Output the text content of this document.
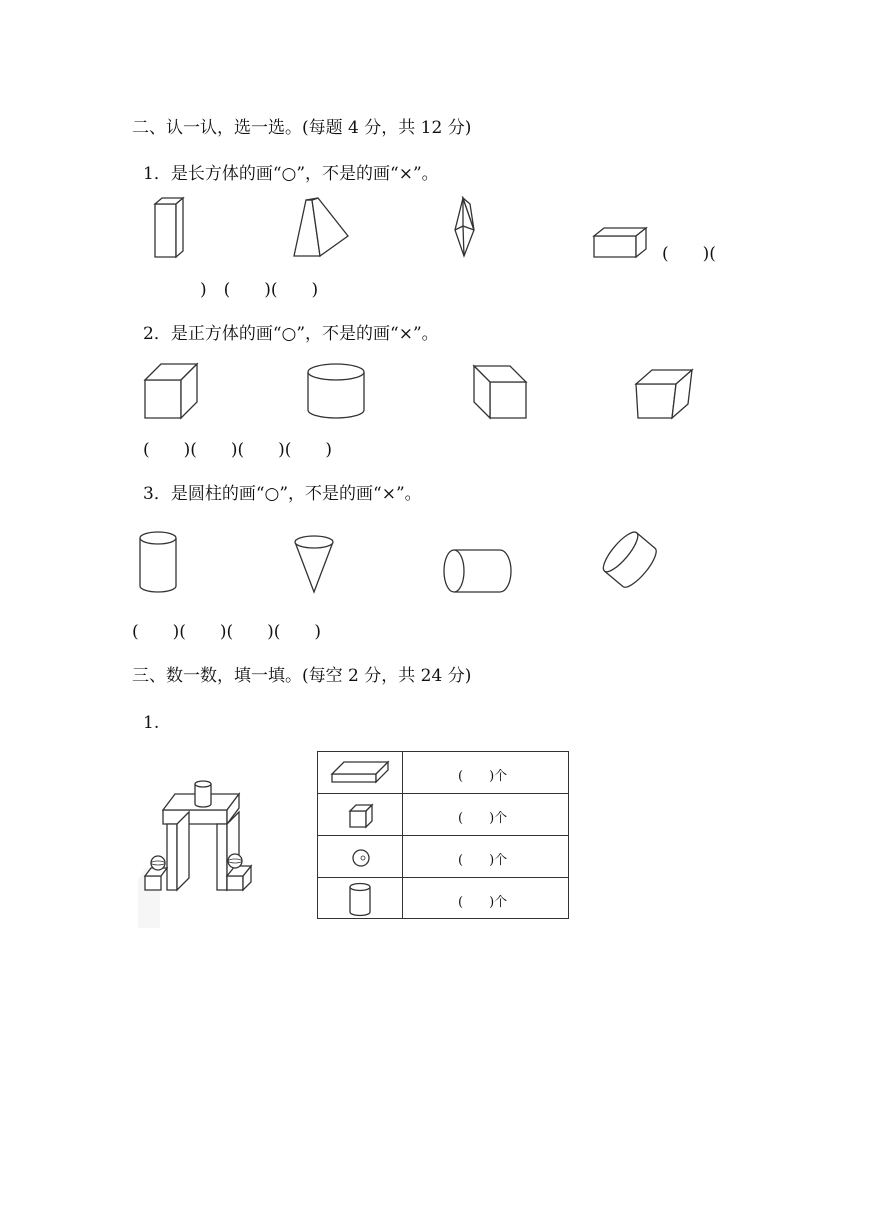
二、认一认，选一选。(每题 4 分，共 12 分)
1．是长方体的画“○”，不是的画“×”。
(　　)(
)　(　　)(　　)
2．是正方体的画“○”，不是的画“×”。
(　　)(　　)(　　)(　　)
3．是圆柱的画“○”，不是的画“×”。
(　　)(　　)(　　)(　　)
三、数一数，填一填。(每空 2 分，共 24 分)
1.
(　　)个
(　　)个
(　　)个
(　　)个
